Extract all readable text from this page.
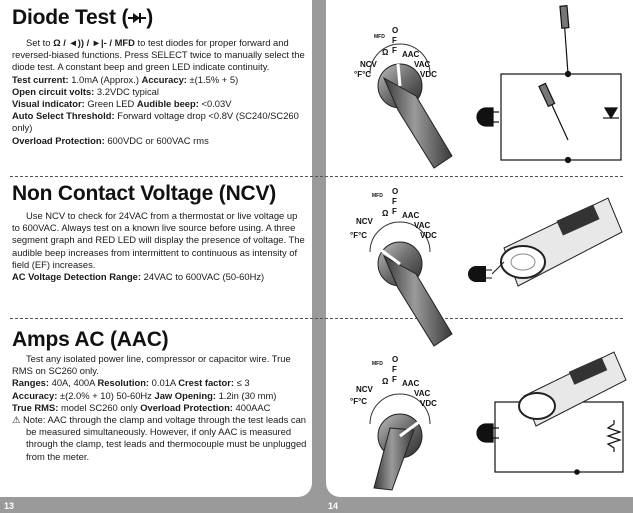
13	14
Diode Test ( )

Set to Ω / ◄)) / ►|- / MFD to test diodes for proper forward and reversed-biased functions. Press SELECT twice to manually select the diode test. A constant beep and green LED indicate continuity.

Test current: 1.0mA (Approx.) Accuracy: ±(1.5% + 5)

Open circuit volts: 3.2VDC typical

Visual indicator: Green LED Audible beep: <0.03V

Auto Select Threshold: Forward voltage drop <0.8V (SC240/SC260 only)

Overload Protection: 600VDC or 600VAC rms

Non Contact Voltage (NCV)

Use NCV to check for 24VAC from a thermostat or live voltage up to 600VAC. Always test on a known live source before using. A three segment graph and RED LED will display the presence of voltage. The audible beep increases from intermittent to continuous as intensity of field (EF) increases.

AC Voltage Detection Range: 24VAC to 600VAC (50-60Hz)

Amps AC (AAC)

Test any isolated power line, compressor or capacitor wire. True RMS on SC260 only.

Ranges: 40A, 400A Resolution: 0.01A Crest factor: ≤ 3

Accuracy: ±(2.0% + 10) 50-60Hz Jaw Opening: 1.2in (30 mm)

True RMS: model SC260 only Overload Protection: 400AAC

⚠ Note: AAC through the clamp and voltage through the test leads can be measured simultaneously. However, if only AAC is measured through the clamp, test leads and thermocouple must be unplugged from the meter.

O
F
F
MFD
Ω AAC
VAC
VDC
NCV
°F°C
O
F
F
MFD
Ω AAC
VAC
VDC
NCV
°F°C
O
F
F
MFD
Ω AAC
VAC
VDC
NCV
°F°C
